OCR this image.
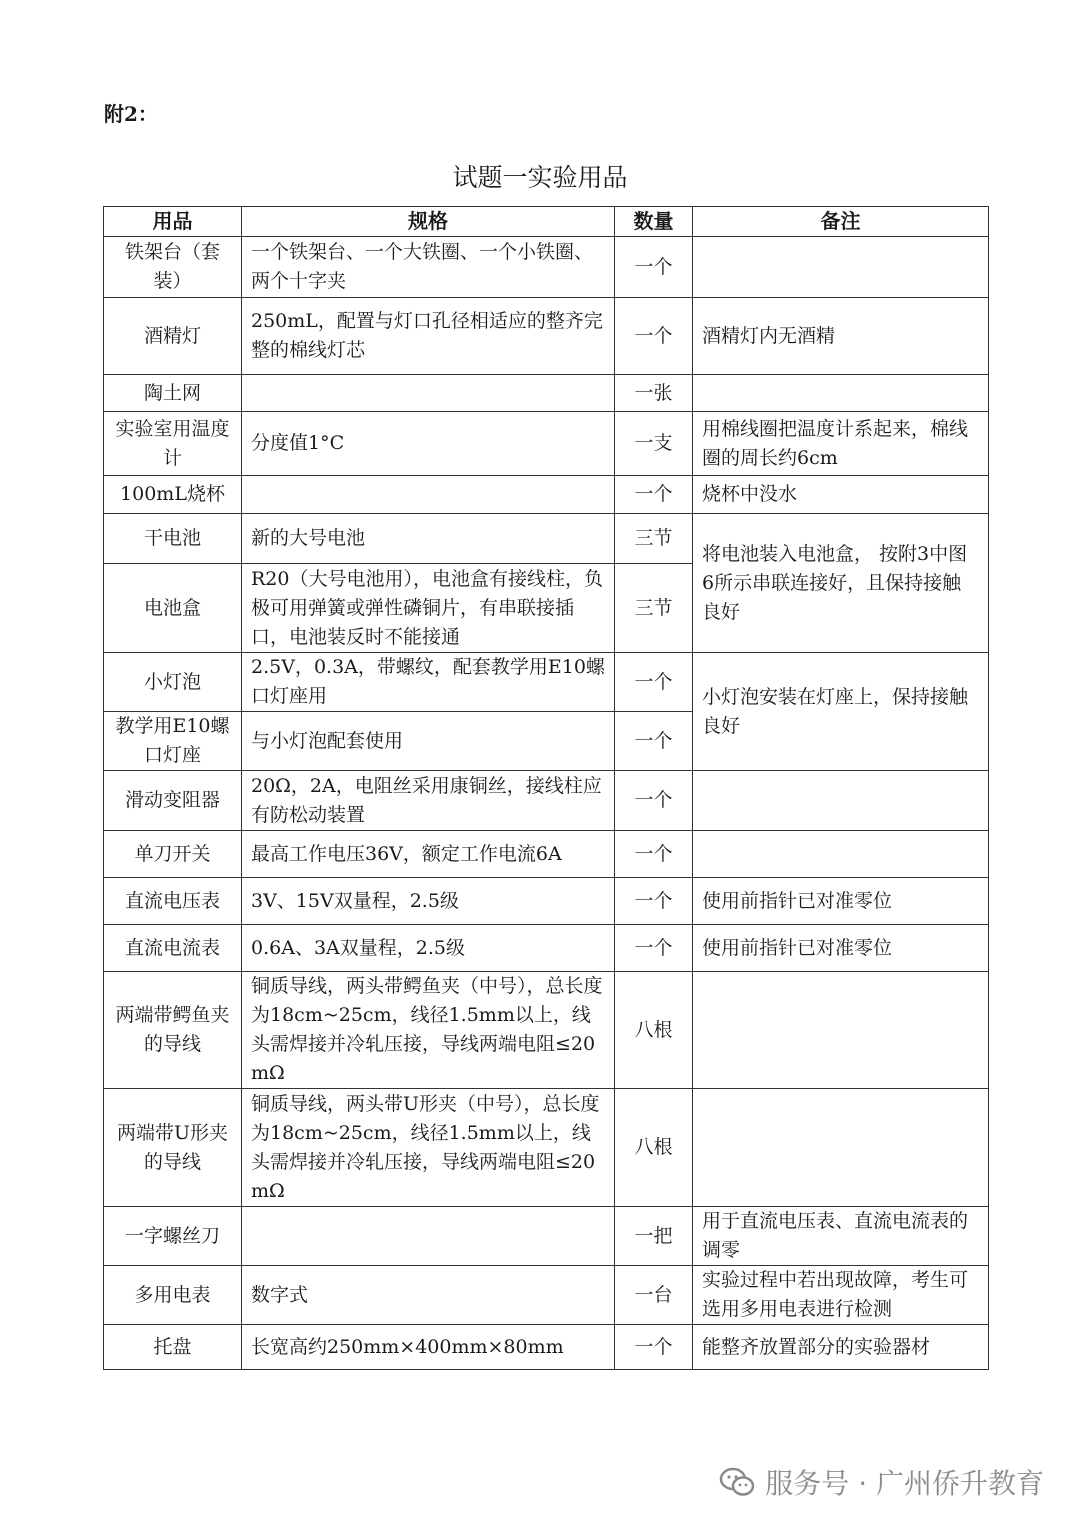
附2：
试题一实验用品
用品	规格	数量	备注
铁架台（套装）	一个铁架台、一个大铁圈、一个小铁圈、两个十字夹	一个	
酒精灯	250mL，配置与灯口孔径相适应的整齐完整的棉线灯芯	一个	酒精灯内无酒精
陶土网		一张	
实验室用温度计	分度值1°C	一支	用棉线圈把温度计系起来，棉线圈的周长约6cm
100mL烧杯		一个	烧杯中没水
干电池	新的大号电池	三节	将电池装入电池盒， 按附3中图6所示串联连接好，且保持接触良好
电池盒	R20（大号电池用），电池盒有接线柱，负极可用弹簧或弹性磷铜片，有串联接插口，电池装反时不能接通	三节	
小灯泡	2.5V，0.3A，带螺纹，配套教学用E10螺口灯座用	一个	小灯泡安装在灯座上，保持接触良好
教学用E10螺口灯座	与小灯泡配套使用	一个	
滑动变阻器	20Ω，2A，电阻丝采用康铜丝，接线柱应有防松动装置	一个	
单刀开关	最高工作电压36V，额定工作电流6A	一个	
直流电压表	3V、15V双量程，2.5级	一个	使用前指针已对准零位
直流电流表	0.6A、3A双量程，2.5级	一个	使用前指针已对准零位
两端带鳄鱼夹的导线	铜质导线，两头带鳄鱼夹（中号），总长度为18cm~25cm，线径1.5mm以上，线头需焊接并冷轧压接，导线两端电阻≤20 mΩ	八根	
两端带U形夹的导线	铜质导线，两头带U形夹（中号），总长度为18cm~25cm，线径1.5mm以上，线头需焊接并冷轧压接，导线两端电阻≤20 mΩ	八根	
一字螺丝刀		一把	用于直流电压表、直流电流表的调零
多用电表	数字式	一台	实验过程中若出现故障，考生可选用多用电表进行检测
托盘	长宽高约250mm×400mm×80mm	一个	能整齐放置部分的实验器材
服务号 · 广州侨升教育
